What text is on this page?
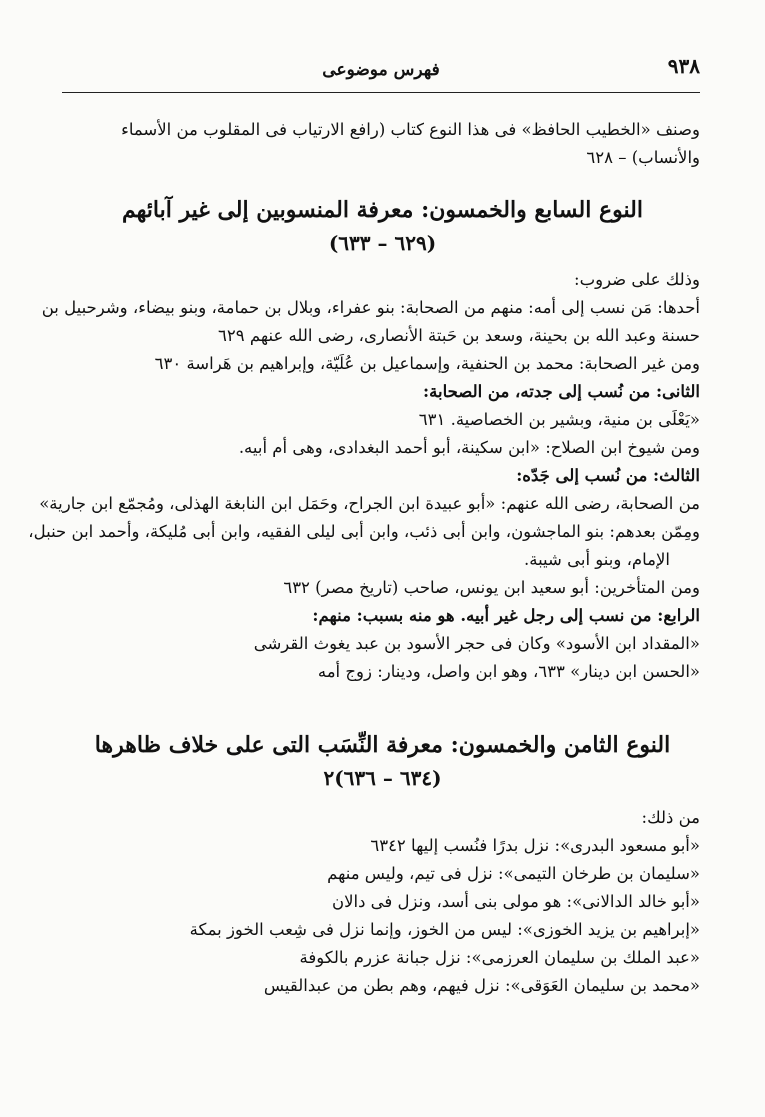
٩٣٨
فهرس موضوعى
وصنف «الخطيب الحافظ» فى هذا النوع كتاب (رافع الارتياب فى المقلوب من الأسماء
والأنساب) – ٦٢٨
النوع السابع والخمسون: معرفة المنسوبين إلى غير آبائهم
(٦٢٩ – ٦٣٣)
وذلك على ضروب:
أحدها: مَن نسب إلى أمه: منهم من الصحابة: بنو عفراء، وبلال بن حمامة، وبنو بيضاء، وشرحبيل بن
حسنة وعبد الله بن بحينة، وسعد بن حَبتة الأنصارى، رضى الله عنهم ٦٢٩
ومن غير الصحابة: محمد بن الحنفية، وإسماعيل بن عُلَيّة، وإبراهيم بن هَراسة ٦٣٠
الثانى: من نُسب إلى جدته، من الصحابة:
«يَعْلَى بن منية، وبشير بن الخصاصية. ٦٣١
ومن شيوخ ابن الصلاح: «ابن سكينة، أبو أحمد البغدادى، وهى أم أبيه.
الثالث: من نُسب إلى جَدّه:
من الصحابة، رضى الله عنهم: «أبو عبيدة ابن الجراح، وحَمَل ابن النابغة الهذلى، ومُجمّع ابن جارية»
ومِمّن بعدهم: بنو الماجشون، وابن أبى ذئب، وابن أبى ليلى الفقيه، وابن أبى مُليكة، وأحمد ابن حنبل،
الإمام، وبنو أبى شيبة.
ومن المتأخرين: أبو سعيد ابن يونس، صاحب (تاريخ مصر) ٦٣٢
الرابع: من نسب إلى رجل غير أبيه. هو منه بسبب: منهم:
«المقداد ابن الأسود» وكان فى حجر الأسود بن عبد يغوث القرشى
«الحسن ابن دينار» ٦٣٣، وهو ابن واصل، ودينار: زوج أمه
النوع الثامن والخمسون: معرفة النِّسَب التى على خلاف ظاهرها
(٦٣٤ – ٦٣٦)٢
من ذلك:
«أبو مسعود البدرى»: نزل بدرًا فنُسب إليها ٦٣٤٢
«سليمان بن طرخان التيمى»: نزل فى تيم، وليس منهم
«أبو خالد الدالانى»: هو مولى بنى أسد، ونزل فى دالان
«إبراهيم بن يزيد الخوزى»: ليس من الخوز، وإنما نزل فى شِعب الخوز بمكة
«عبد الملك بن سليمان العرزمى»: نزل جبانة عزرم بالكوفة
«محمد بن سليمان العَوَقى»: نزل فيهم، وهم بطن من عبدالقيس
